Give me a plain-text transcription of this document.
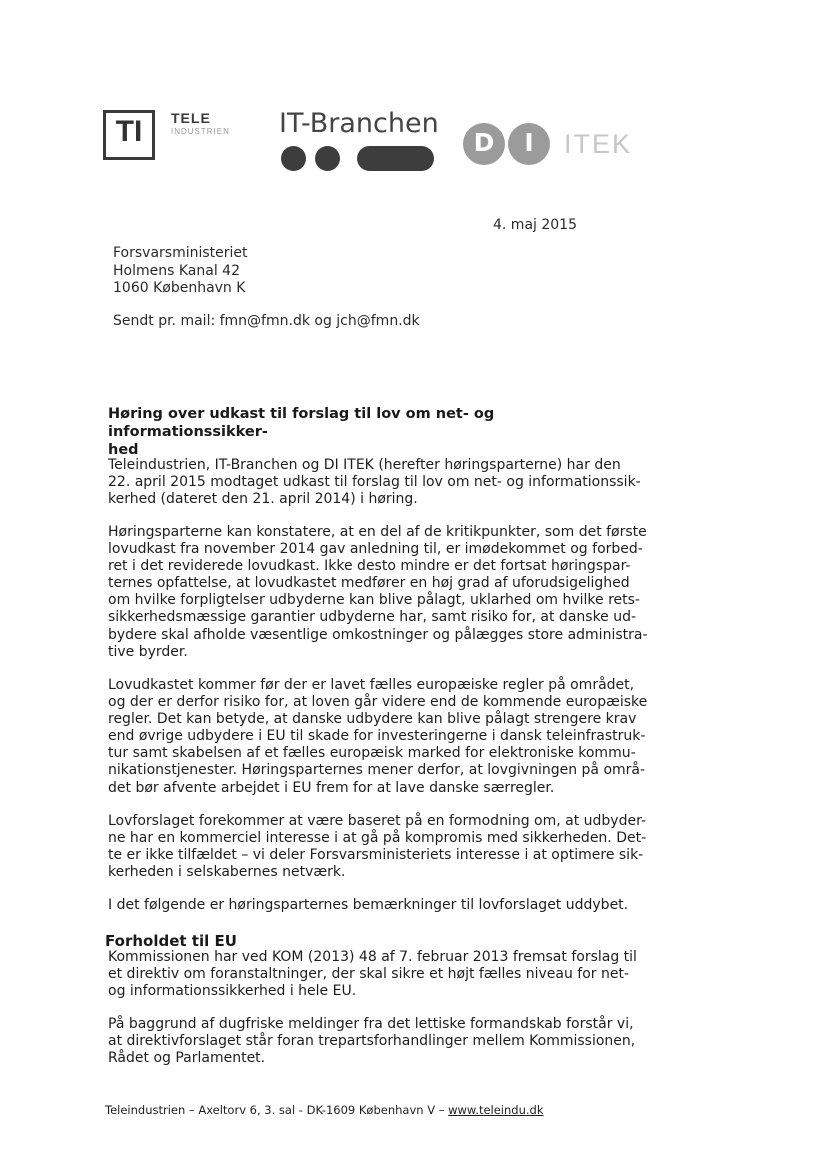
TI	TELE
INDUSTRIEN IT-Branchen
D	I	ITEK
4. maj 2015
Forsvarsministeriet
Holmens Kanal 42
1060 København K
Sendt pr. mail: fmn@fmn.dk og jch@fmn.dk
Høring over udkast til forslag til lov om net- og informationssikker-
hed
Teleindustrien, IT-Branchen og DI ITEK (herefter høringsparterne) har den
22. april 2015 modtaget udkast til forslag til lov om net- og informationssik-
kerhed (dateret den 21. april 2014) i høring.
Høringsparterne kan konstatere, at en del af de kritikpunkter, som det første
lovudkast fra november 2014 gav anledning til, er imødekommet og forbed-
ret i det reviderede lovudkast. Ikke desto mindre er det fortsat høringspar-
ternes opfattelse, at lovudkastet medfører en høj grad af uforudsigelighed
om hvilke forpligtelser udbyderne kan blive pålagt, uklarhed om hvilke rets-
sikkerhedsmæssige garantier udbyderne har, samt risiko for, at danske ud-
bydere skal afholde væsentlige omkostninger og pålægges store administra-
tive byrder.
Lovudkastet kommer før der er lavet fælles europæiske regler på området,
og der er derfor risiko for, at loven går videre end de kommende europæiske
regler. Det kan betyde, at danske udbydere kan blive pålagt strengere krav
end øvrige udbydere i EU til skade for investeringerne i dansk teleinfrastruk-
tur samt skabelsen af et fælles europæisk marked for elektroniske kommu-
nikationstjenester. Høringsparternes mener derfor, at lovgivningen på områ-
det bør afvente arbejdet i EU frem for at lave danske særregler.
Lovforslaget forekommer at være baseret på en formodning om, at udbyder-
ne har en kommerciel interesse i at gå på kompromis med sikkerheden. Det-
te er ikke tilfældet – vi deler Forsvarsministeriets interesse i at optimere sik-
kerheden i selskabernes netværk.
I det følgende er høringsparternes bemærkninger til lovforslaget uddybet.
Forholdet til EU
Kommissionen har ved KOM (2013) 48 af 7. februar 2013 fremsat forslag til
et direktiv om foranstaltninger, der skal sikre et højt fælles niveau for net-
og informationssikkerhed i hele EU.
På baggrund af dugfriske meldinger fra det lettiske formandskab forstår vi,
at direktivforslaget står foran trepartsforhandlinger mellem Kommissionen,
Rådet og Parlamentet.
Teleindustrien – Axeltorv 6, 3. sal - DK-1609 København V – www.teleindu.dk
